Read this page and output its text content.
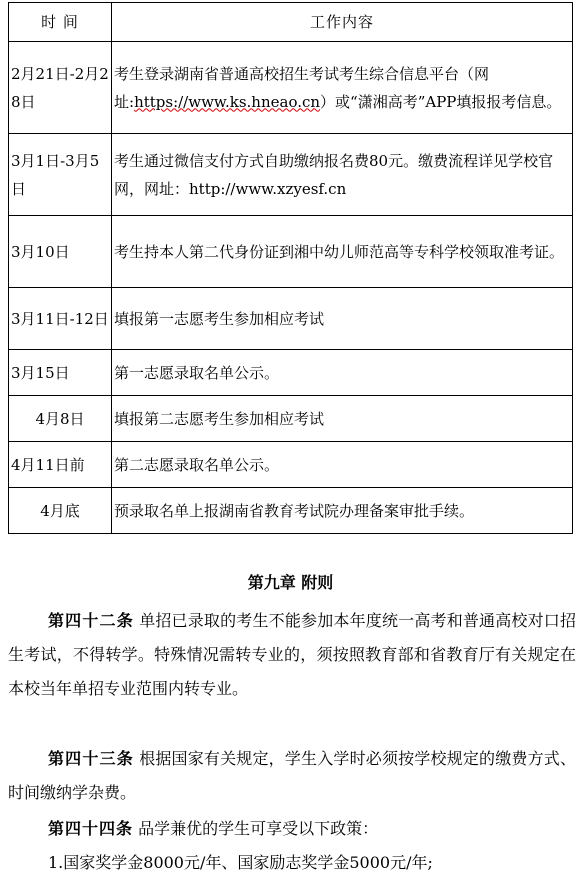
时 间	工作内容
2月21日-2月28日	考生登录湖南省普通高校招生考试考生综合信息平台（网址:https://www.ks.hneao.cn）或“潇湘高考”APP填报报考信息。
3月1日-3月5日	考生通过微信支付方式自助缴纳报名费80元。缴费流程详见学校官网，网址：http://www.xzyesf.cn
3月10日	考生持本人第二代身份证到湘中幼儿师范高等专科学校领取准考证。
3月11日-12日	填报第一志愿考生参加相应考试
3月15日	第一志愿录取名单公示。
4月8日	填报第二志愿考生参加相应考试
4月11日前	第二志愿录取名单公示。
4月底	预录取名单上报湖南省教育考试院办理备案审批手续。
第九章 附则

第四十二条 单招已录取的考生不能参加本年度统一高考和普通高校对口招生考试，不得转学。特殊情况需转专业的，须按照教育部和省教育厅有关规定在本校当年单招专业范围内转专业。

第四十三条 根据国家有关规定，学生入学时必须按学校规定的缴费方式、时间缴纳学杂费。

第四十四条 品学兼优的学生可享受以下政策：

1.国家奖学金8000元/年、国家励志奖学金5000元/年;
